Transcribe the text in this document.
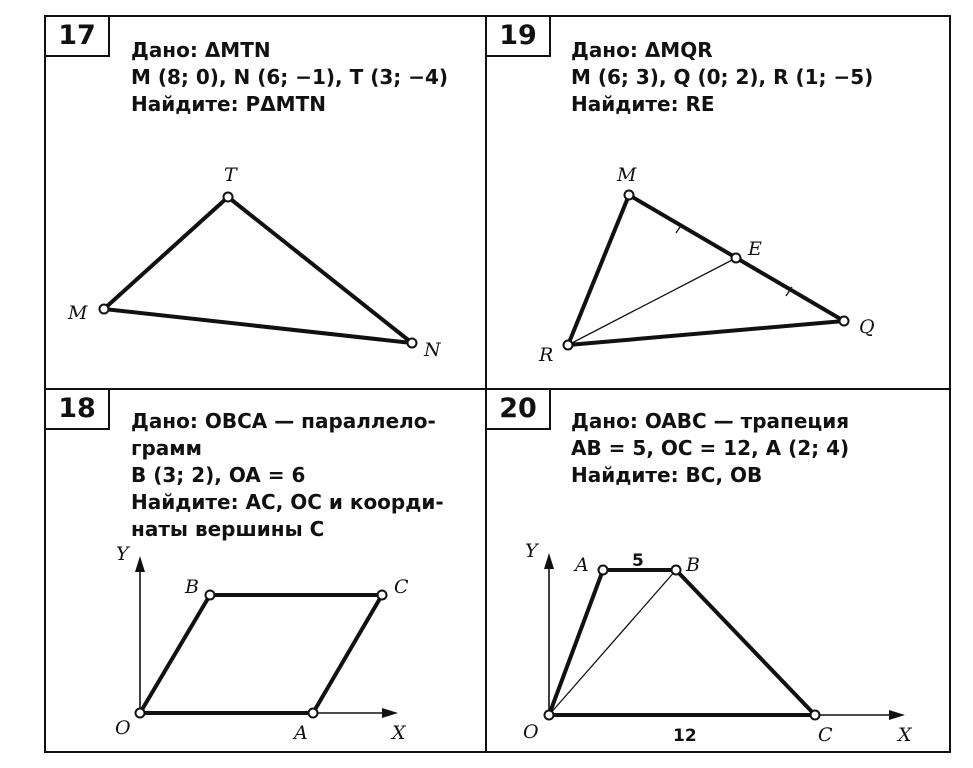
17	Дано: ΔMTN
M (8; 0), N (6; −1), T (3; −4)
Найдите: PΔMTN
T
M
N
19	Дано: ΔMQR
M (6; 3), Q (0; 2), R (1; −5)
Найдите: RE
M
E
Q
R
18	Дано: OBCA — параллело-
грамм
B (3; 2), OA = 6
Найдите: AC, OC и коорди-
наты вершины C
Y
B	C
O	A	X
20	Дано: OABC — трапеция
AB = 5, OC = 12, A (2; 4)
Найдите: BC, OB
Y
A	5 B
O	12	C	X
